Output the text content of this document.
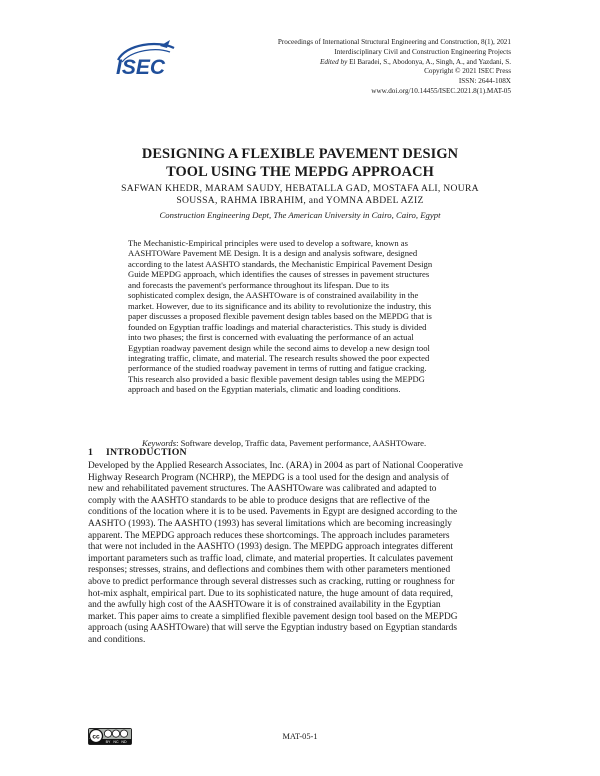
ISEC
Proceedings of International Structural Engineering and Construction, 8(1), 2021
Interdisciplinary Civil and Construction Engineering Projects
Edited by El Baradei, S., Abodonya, A., Singh, A., and Yazdani, S.
Copyright © 2021 ISEC Press
ISSN: 2644-108X
www.doi.org/10.14455/ISEC.2021.8(1).MAT-05
DESIGNING A FLEXIBLE PAVEMENT DESIGN
TOOL USING THE MEPDG APPROACH
SAFWAN KHEDR, MARAM SAUDY, HEBATALLA GAD, MOSTAFA ALI, NOURA
SOUSSA, RAHMA IBRAHIM, and YOMNA ABDEL AZIZ
Construction Engineering Dept, The American University in Cairo, Cairo, Egypt
The Mechanistic-Empirical principles were used to develop a software, known as
AASHTOWare Pavement ME Design. It is a design and analysis software, designed
according to the latest AASHTO standards, the Mechanistic Empirical Pavement Design
Guide MEPDG approach, which identifies the causes of stresses in pavement structures
and forecasts the pavement's performance throughout its lifespan. Due to its
sophisticated complex design, the AASHTOware is of constrained availability in the
market. However, due to its significance and its ability to revolutionize the industry, this
paper discusses a proposed flexible pavement design tables based on the MEPDG that is
founded on Egyptian traffic loadings and material characteristics. This study is divided
into two phases; the first is concerned with evaluating the performance of an actual
Egyptian roadway pavement design while the second aims to develop a new design tool
integrating traffic, climate, and material. The research results showed the poor expected
performance of the studied roadway pavement in terms of rutting and fatigue cracking.
This research also provided a basic flexible pavement design tables using the MEPDG
approach and based on the Egyptian materials, climatic and loading conditions.
Keywords: Software develop, Traffic data, Pavement performance, AASHTOware.
1 INTRODUCTION
Developed by the Applied Research Associates, Inc. (ARA) in 2004 as part of National Cooperative
Highway Research Program (NCHRP), the MEPDG is a tool used for the design and analysis of
new and rehabilitated pavement structures. The AASHTOware was calibrated and adapted to
comply with the AASHTO standards to be able to produce designs that are reflective of the
conditions of the location where it is to be used. Pavements in Egypt are designed according to the
AASHTO (1993). The AASHTO (1993) has several limitations which are becoming increasingly
apparent. The MEPDG approach reduces these shortcomings. The approach includes parameters
that were not included in the AASHTO (1993) design. The MEPDG approach integrates different
important parameters such as traffic load, climate, and material properties. It calculates pavement
responses; stresses, strains, and deflections and combines them with other parameters mentioned
above to predict performance through several distresses such as cracking, rutting or roughness for
hot-mix asphalt, empirical part. Due to its sophisticated nature, the huge amount of data required,
and the awfully high cost of the AASHTOware it is of constrained availability in the Egyptian
market. This paper aims to create a simplified flexible pavement design tool based on the MEPDG
approach (using AASHTOware) that will serve the Egyptian industry based on Egyptian standards
and conditions.
cc
BY NC ND
MAT-05-1
